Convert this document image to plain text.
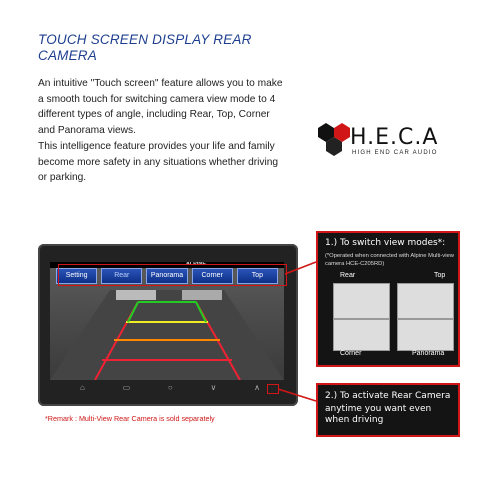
TOUCH SCREEN DISPLAY REAR CAMERA
An intuitive "Touch screen" feature allows you to make a smooth touch for switching camera view mode to 4 different types of angle, including Rear, Top, Corner and Panorama views.
This intelligence feature provides your life and family become more safety in any situations whether driving or parking.
H.E.C.A
HIGH END CAR AUDIO
ALPINE
Setting	Rear	Panorama	Corner	Top
⌂	▭	○	∨	∧
1.) To switch view modes*:
(*Operated when connected with Alpine Multi-view camera HCE-C205RD)
Rear	Top
Corner	Panorama
2.) To activate Rear Camera
anytime you want even when driving
*Remark : Multi-View Rear Camera is sold separately
